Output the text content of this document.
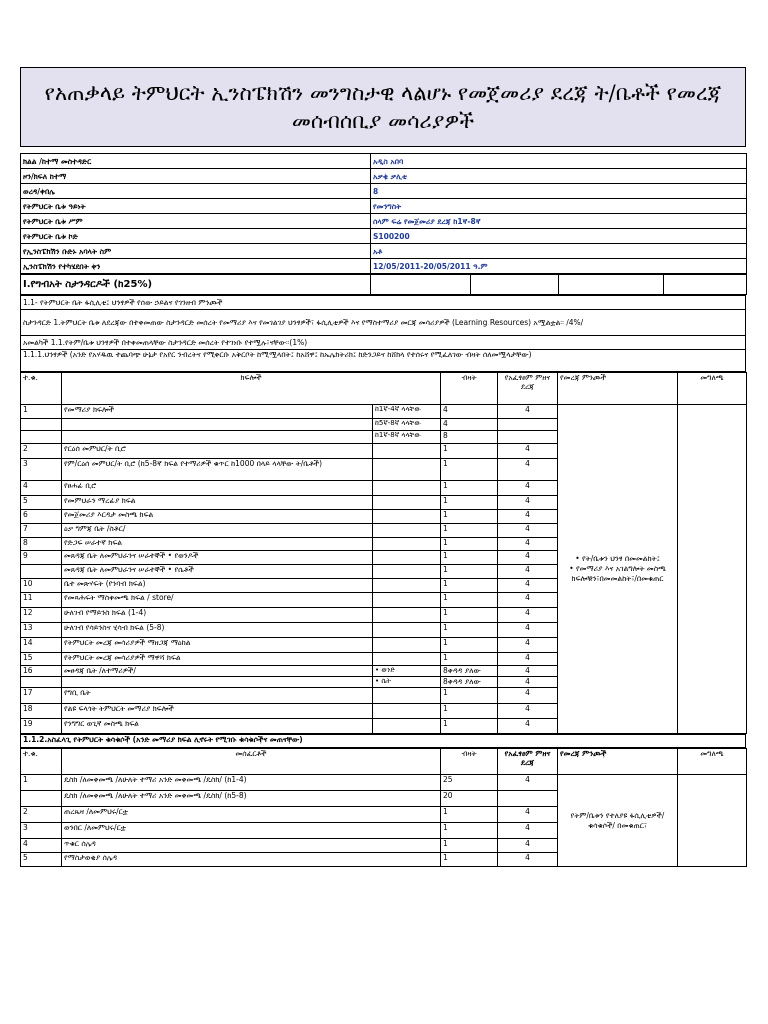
የአጠቃላይ ትምህርት ኢንስፔክሽን መንግስታዊ ላልሆኑ የመጀመሪያ ደረጃ ት/ቤቶች የመረጃ መሰብሰቢያ መሳሪያዎች
ክልል /ከተማ መስተዳድር	አዲስ አበባ
ዞን/ክፍለ ከተማ	አቃቂ ቃሊቲ
ወረዳ/ቀበሌ	8
የትምህርት ቤቱ ዓይነት	የመንግስት
የትምህርት ቤቱ ሥም	ሰላም ፍሬ የመጀመሪያ ደረጃ ከ1ኛ-8ኛ
የትምህርት ቤቱ ኮድ	S100200
የኢንስፔክሽን ቡድኑ አባላት ስም	አቶ
ኢንስፔክሽን የተካሄደበት ቀን	12/05/2011-20/05/2011 ዓ.ም
I.የግብአት ስታንዳርዶች (ከ25%)				
1.1- የትምህርት ቤት ፋሲሊቲ፤ ህንፃዎች የሰው ኃይልና የገንዘብ ምንጮች
ስታንዳርድ 1.ትምህርት ቤቱ ለደረጃው በተቀመጠው ስታንዳርድ መሰረት የመማሪያ እና የመገልገያ ህንፃዎች፣ ፋሲሊቲዎች እና የማስተማሪያ መርጃ መሳሪያዎች (Learning Resources) አሟልቷል። /4%/
አመልካች 1.1.የትም/ቤቱ ህንፃዎች በተቀመጠላቸው ስታንዳርድ መሰረት የተገነቡ የተሟሉ፣ናቸው።(1%)
1.1.1.ህንፃዎች (አንድ የአሃዱዉ ተጨባጭ ሁኔታ የአየር ንብረትና የሚቀርቡ አቅርቦት ከሚሟላበት፤ ከአሸዋ፤ ከኤሌክትሪክ፤ ከድንጋይና ከሸክላ የተሰሩና የሚፈለገው ብዛት ሰለመሟላታቸው)
ተ.ቁ.	ክፍሎች		ብዛት	የአፈፃፀም ምዘና ደረጃ	የመረጃ ምንጮች	መግለጫ
1	የመማሪያ ክፍሎች	ከ1ኛ-4ኛ ላላቸው	4	4	• የት/ቤቱን ህንፃ በመመልከት፤
• የመማሪያ እና አገልግሎት መስጫ ክፍሎቹን፣በመመልከት፣/በመቁጠር	
		ከ5ኛ-8ኛ ላላቸው	4			
		ከ1ኛ-8ኛ ላላቸው	8			
2	የርዕሰ መምህር/ት ቢሮ		1	4		
3	የም/ርዕሰ መምህር/ት ቢሮ (ከ5-8ኛ ክፍል የተማሪዎች ቁጥር ከ1000 በላይ ላላቸው ት/ቤቶች)		1	4		
4	የፀሐፊ ቢሮ		1	4		
5	የመምህራን ማረፊያ ክፍል		1	4		
6	የመጀመሪያ እርዳታ መስጫ ክፍል		1	4		
7	ዕቃ ግምጃ ቤት /ስቶር/		1	4		
8	የድጋፍ ሠራተኛ ክፍል		1	4		
9	መጸዳጃ ቤት ለመምህራንና ሠራተኞች • የወንዶች		1	4		
	መጸዳጃ ቤት ለመምህራንና ሠራተኞች • የሴቶች		1	4		
10	ቤተ መጽሃፍት (የንባብ ክፍል)		1	4		
11	የመጻሕፍት ማስቀመጫ ክፍል / store/		1	4		
12	ሁለገብ የማይንስ ክፍል (1-4)		1	4		
13	ሁለገብ የሳይንስና ሂሳብ ክፍል (5-8)		1	4		
14	የትምህርት መረጃ መሳሪያዎች ማዘጋጃ ማዕከል		1	4		
15	የትምህርት መረጃ መሳሪያዎች ማዋሻ ክፍል		1	4		
16	መፀዳጃ ቤት /ለተማሪዎች/	• ወንድ	8ቀዳዳ ያለው	4		
		• ሴት	8ቀዳዳ ያለው	4		
17	የግቢ ቤት		1	4		
18	የልዩ ፍላጎት ትምህርት መማሪያ ክፍሎች		1	4		
19	የንግግር ወጊኛ መስጫ ክፍል		1	4		
1.1.2.አስፈላጊ የትምህርት ቁሳቁሶች (አንድ መማሪያ ክፍል ሊኖሩት የሚገቡ ቁሳቁሶችና መጠናቸው)
ተ.ቁ.	መሰፈርቶች	ብዛት	የአፈፃፀም ምዘና ደረጃ	የመረጃ ምንጮች	መግለጫ
1	ዴስክ /ለመቀመጫ /ለሁለት ተማሪ አንድ መቀመጫ /ዴስክ/ (ከ1-4)	25	4	የትም/ቤቱን የተለያዩ ፋሲሊቲዎች/ ቁሳቁሶች/ በመቁጠር፣	
	ዴስክ /ለመቀመጫ /ለሁለት ተማሪ አንድ መቀመጫ /ዴስክ/ (ከ5-8)	20			
2	ጠረጴዛ /ለመምህሩ/ርቷ	1	4		
3	ወንበር /ለመምህሩ/ርቷ	1	4		
4	ጥቁር ሰሌዳ	1	4		
5	የማስታወቂያ ሰሌዳ	1	4		
